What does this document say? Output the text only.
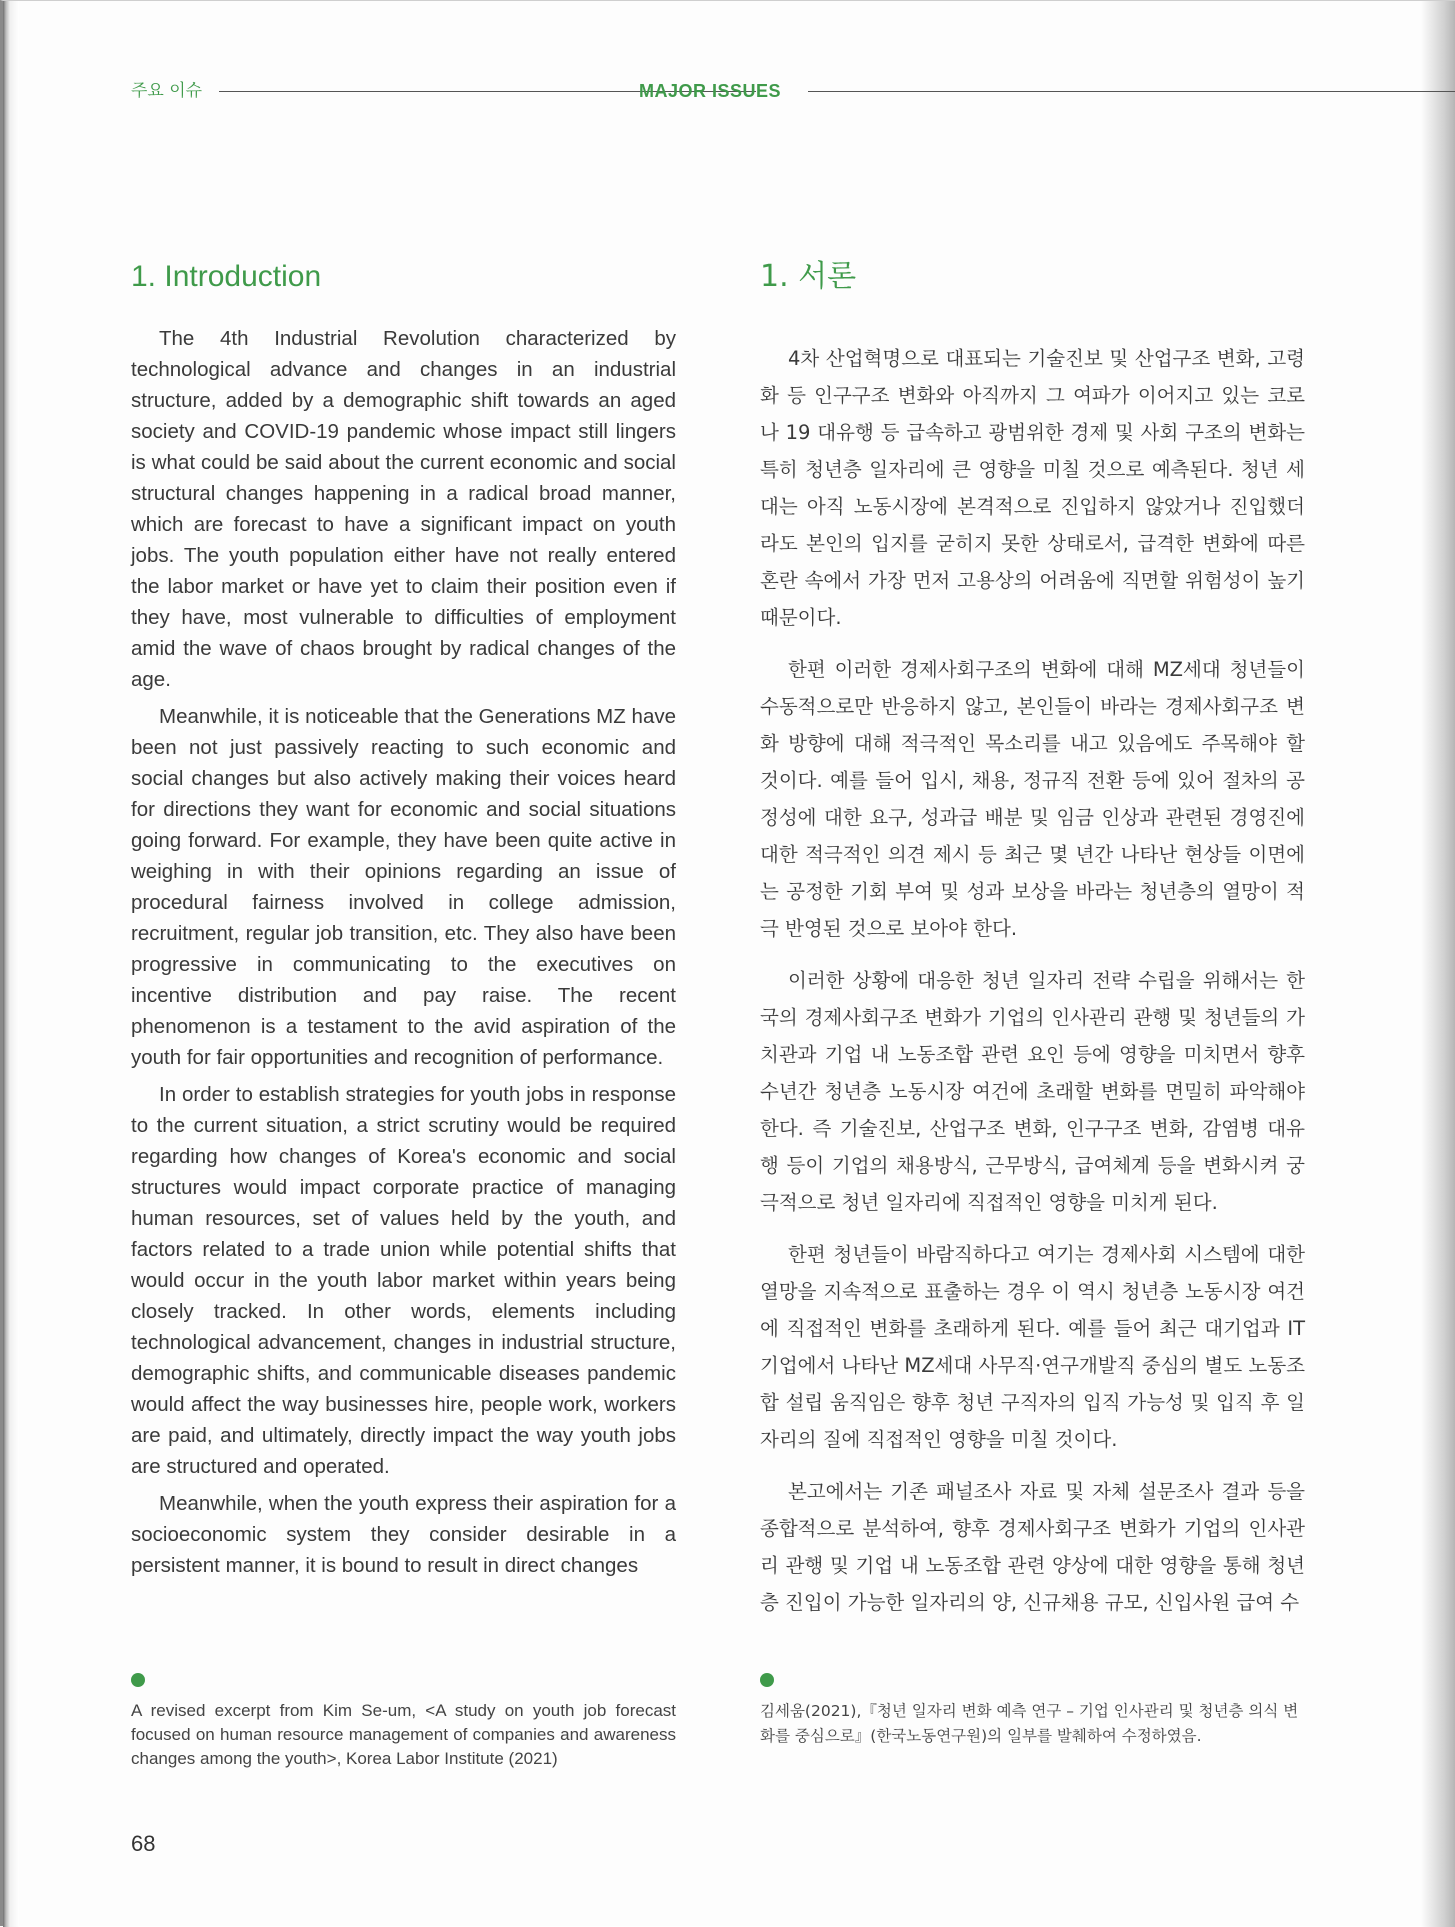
주요 이슈	MAJOR ISSUES
1. Introduction	1. 서론

The 4th Industrial Revolution characterized by technological advance and changes in an industrial structure, added by a demographic shift towards an aged society and COVID-19 pandemic whose impact still lingers is what could be said about the current economic and social structural changes happening in a radical broad manner, which are forecast to have a significant impact on youth jobs. The youth population either have not really entered the labor market or have yet to claim their position even if they have, most vulnerable to difficulties of employment amid the wave of chaos brought by radical changes of the age.

Meanwhile, it is noticeable that the Generations MZ have been not just passively reacting to such economic and social changes but also actively making their voices heard for directions they want for economic and social situations going forward. For example, they have been quite active in weighing in with their opinions regarding an issue of procedural fairness involved in college admission, recruitment, regular job transition, etc. They also have been progressive in communicating to the executives on incentive distribution and pay raise. The recent phenomenon is a testament to the avid aspiration of the youth for fair opportunities and recognition of performance.

In order to establish strategies for youth jobs in response to the current situation, a strict scrutiny would be required regarding how changes of Korea's economic and social structures would impact corporate practice of managing human resources, set of values held by the youth, and factors related to a trade union while potential shifts that would occur in the youth labor market within years being closely tracked. In other words, elements including technological advancement, changes in industrial structure, demographic shifts, and communicable diseases pandemic would affect the way businesses hire, people work, workers are paid, and ultimately, directly impact the way youth jobs are structured and operated.

Meanwhile, when the youth express their aspiration for a socioeconomic system they consider desirable in a persistent manner, it is bound to result in direct changes

4차 산업혁명으로 대표되는 기술진보 및 산업구조 변화, 고령화 등 인구구조 변화와 아직까지 그 여파가 이어지고 있는 코로나 19 대유행 등 급속하고 광범위한 경제 및 사회 구조의 변화는 특히 청년층 일자리에 큰 영향을 미칠 것으로 예측된다. 청년 세대는 아직 노동시장에 본격적으로 진입하지 않았거나 진입했더라도 본인의 입지를 굳히지 못한 상태로서, 급격한 변화에 따른 혼란 속에서 가장 먼저 고용상의 어려움에 직면할 위험성이 높기 때문이다.

한편 이러한 경제사회구조의 변화에 대해 MZ세대 청년들이 수동적으로만 반응하지 않고, 본인들이 바라는 경제사회구조 변화 방향에 대해 적극적인 목소리를 내고 있음에도 주목해야 할 것이다. 예를 들어 입시, 채용, 정규직 전환 등에 있어 절차의 공정성에 대한 요구, 성과급 배분 및 임금 인상과 관련된 경영진에 대한 적극적인 의견 제시 등 최근 몇 년간 나타난 현상들 이면에는 공정한 기회 부여 및 성과 보상을 바라는 청년층의 열망이 적극 반영된 것으로 보아야 한다.

이러한 상황에 대응한 청년 일자리 전략 수립을 위해서는 한국의 경제사회구조 변화가 기업의 인사관리 관행 및 청년들의 가치관과 기업 내 노동조합 관련 요인 등에 영향을 미치면서 향후 수년간 청년층 노동시장 여건에 초래할 변화를 면밀히 파악해야 한다. 즉 기술진보, 산업구조 변화, 인구구조 변화, 감염병 대유행 등이 기업의 채용방식, 근무방식, 급여체계 등을 변화시켜 궁극적으로 청년 일자리에 직접적인 영향을 미치게 된다.

한편 청년들이 바람직하다고 여기는 경제사회 시스템에 대한 열망을 지속적으로 표출하는 경우 이 역시 청년층 노동시장 여건에 직접적인 변화를 초래하게 된다. 예를 들어 최근 대기업과 IT 기업에서 나타난 MZ세대 사무직·연구개발직 중심의 별도 노동조합 설립 움직임은 향후 청년 구직자의 입직 가능성 및 입직 후 일자리의 질에 직접적인 영향을 미칠 것이다.

본고에서는 기존 패널조사 자료 및 자체 설문조사 결과 등을 종합적으로 분석하여, 향후 경제사회구조 변화가 기업의 인사관리 관행 및 기업 내 노동조합 관련 양상에 대한 영향을 통해 청년층 진입이 가능한 일자리의 양, 신규채용 규모, 신입사원 급여 수

A revised excerpt from Kim Se-um, <A study on youth job forecast focused on human resource management of companies and awareness changes among the youth>, Korea Labor Institute (2021)
김세움(2021),『청년 일자리 변화 예측 연구 – 기업 인사관리 및 청년층 의식 변화를 중심으로』(한국노동연구원)의 일부를 발췌하여 수정하였음.
68
